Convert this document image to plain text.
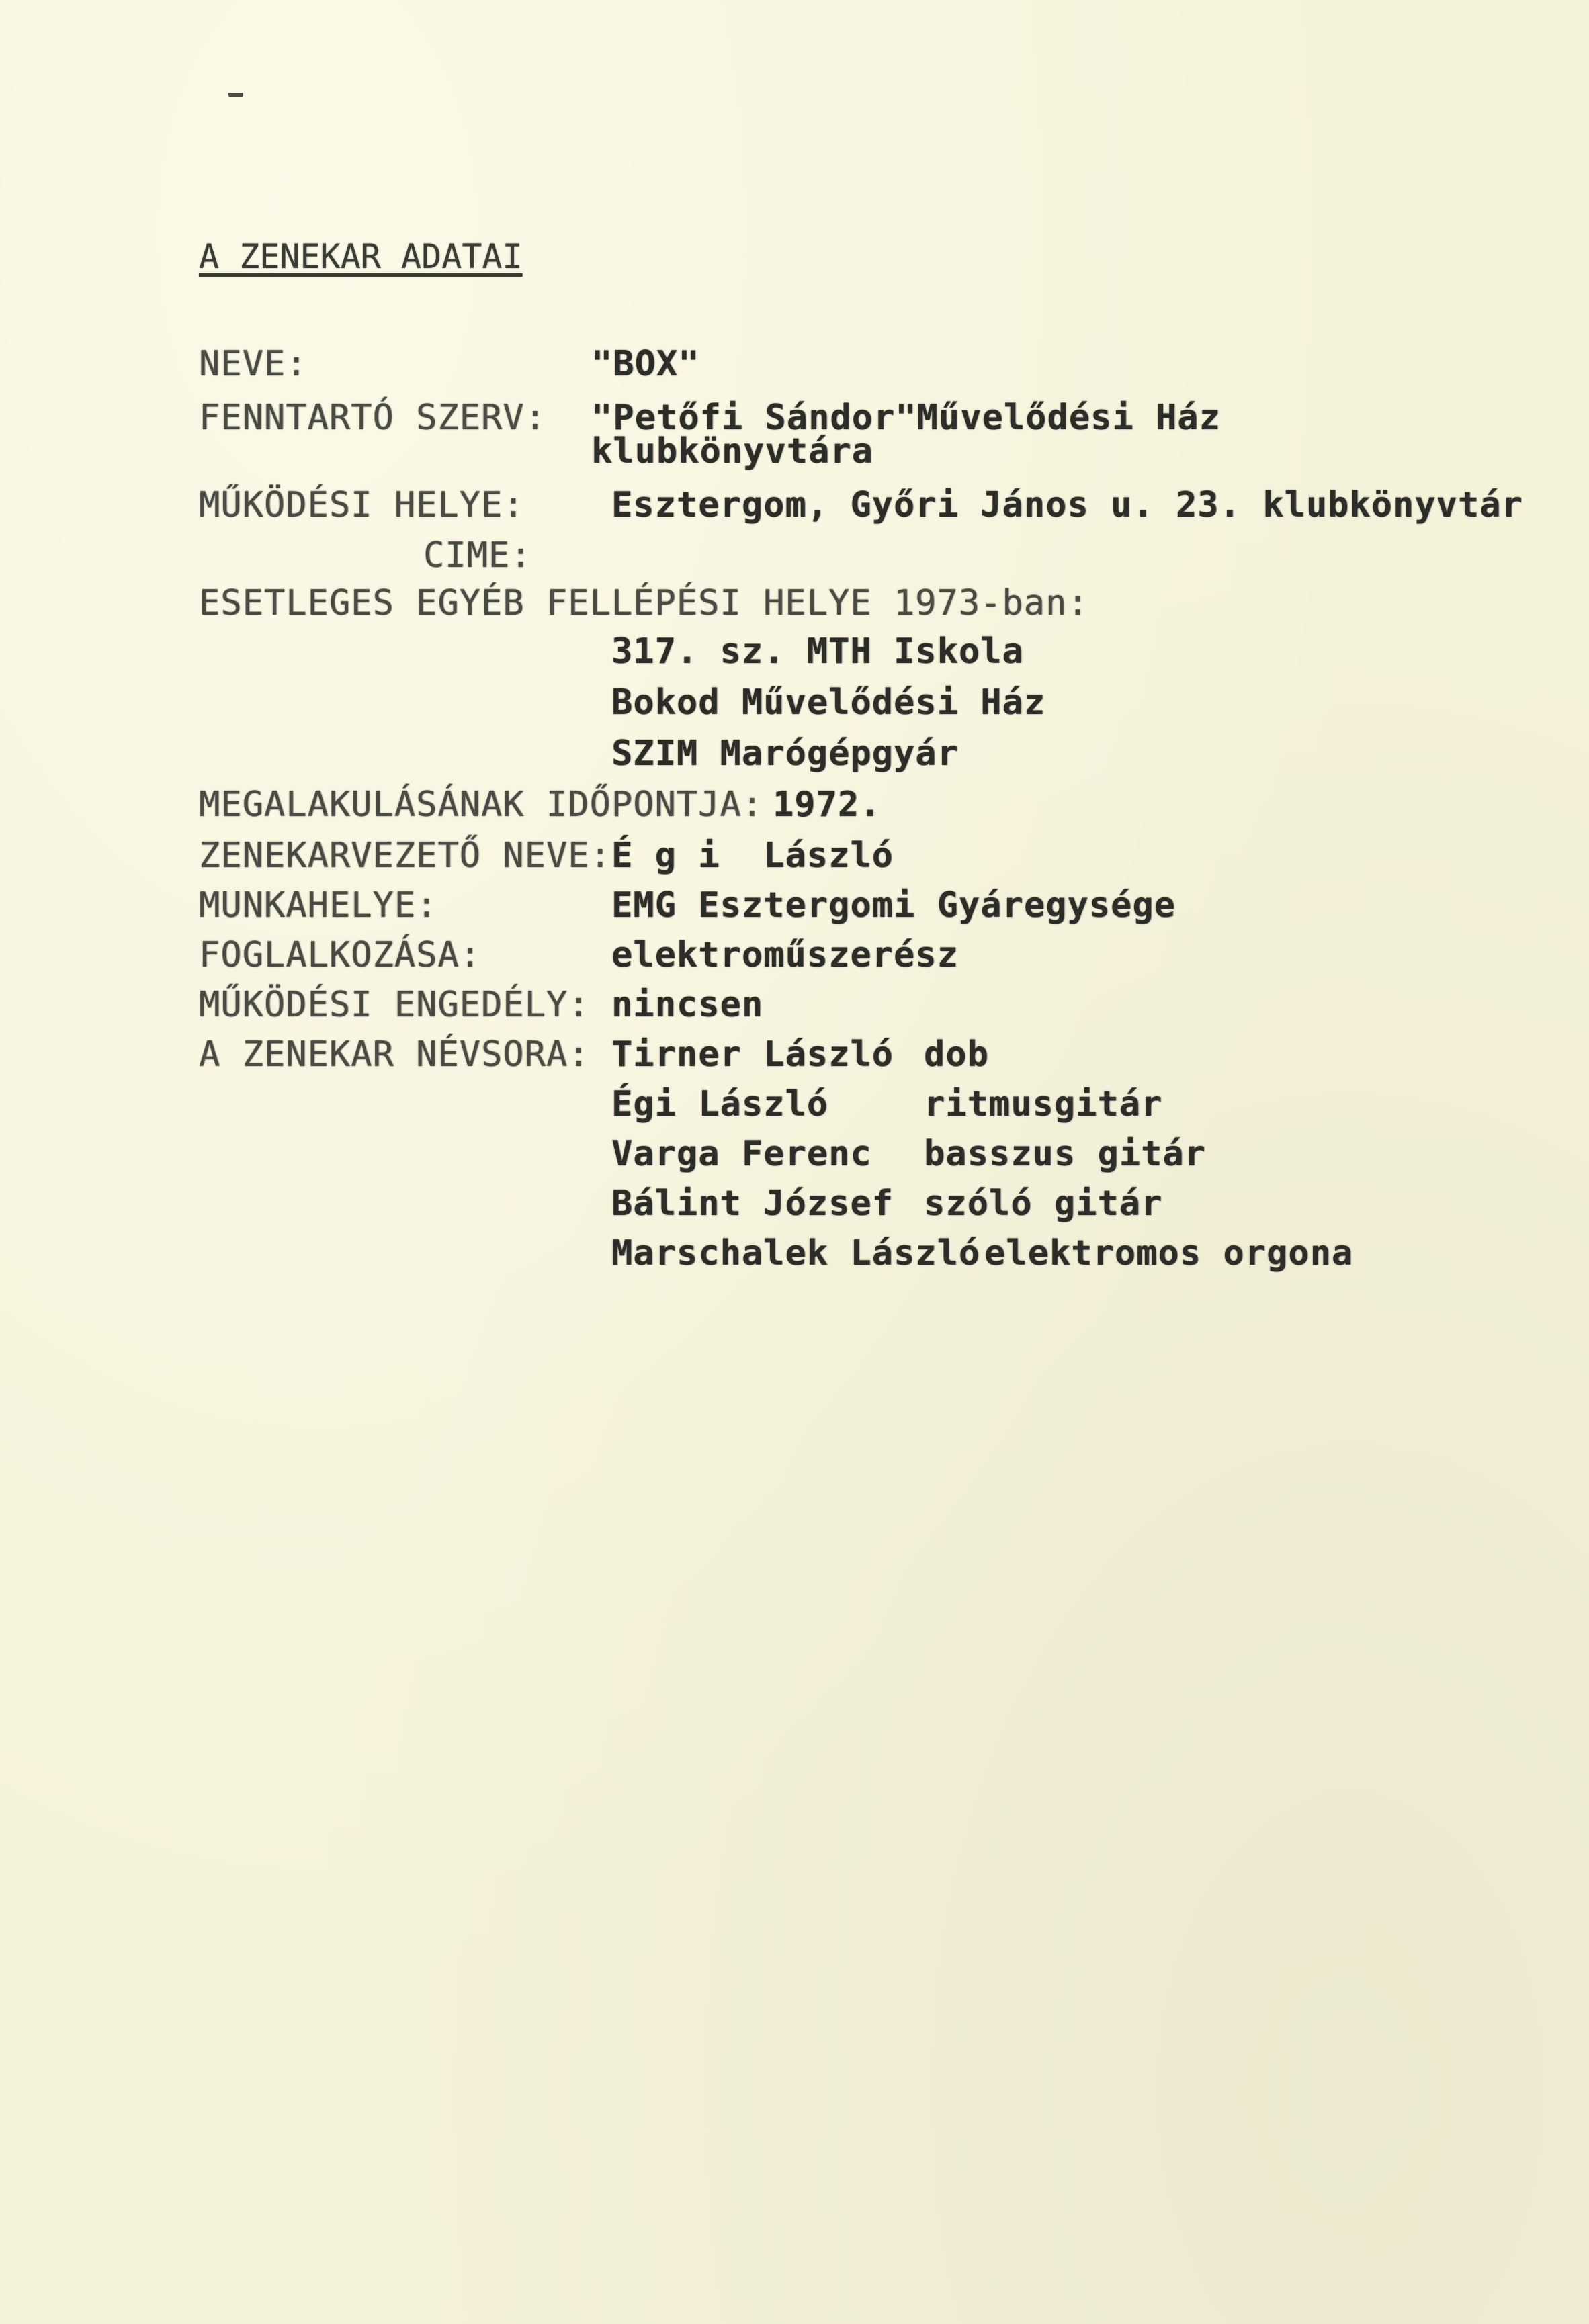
A ZENEKAR ADATAI
NEVE:	"BOX"
FENNTARTÓ SZERV: "Petőfi Sándor"Művelődési Ház
klubkönyvtára
MŰKÖDÉSI HELYE: Esztergom, Győri János u. 23. klubkönyvtár
CIME:
ESETLEGES EGYÉB FELLÉPÉSI HELYE 1973-ban:
317. sz. MTH Iskola
Bokod Művelődési Ház
SZIM Marógépgyár
MEGALAKULÁSÁNAK IDŐPONTJA: 1972.
ZENEKARVEZETŐ NEVE: É g i  László
MUNKAHELYE:	EMG Esztergomi Gyáregysége
FOGLALKOZÁSA:	elektroműszerész
MŰKÖDÉSI ENGEDÉLY: nincsen
A ZENEKAR NÉVSORA: Tirner László dob
Égi László	ritmusgitár
Varga Ferenc basszus gitár
Bálint József szóló gitár
Marschalek László elektromos orgona
